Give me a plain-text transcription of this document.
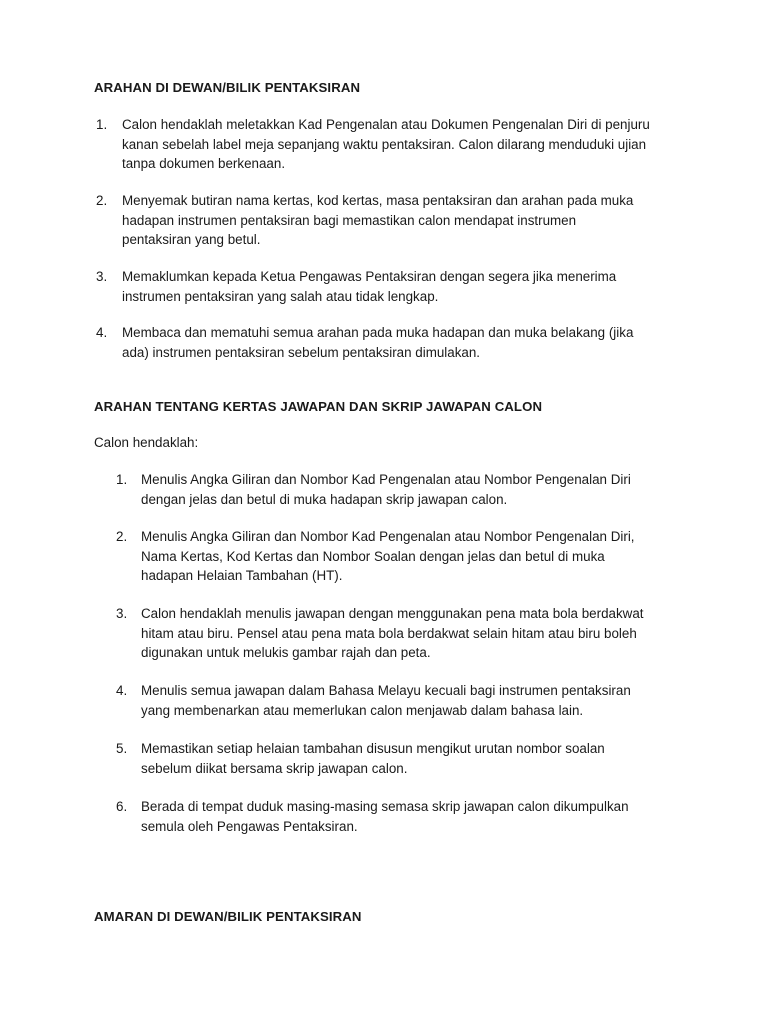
ARAHAN DI DEWAN/BILIK PENTAKSIRAN
1.	Calon hendaklah meletakkan Kad Pengenalan atau Dokumen Pengenalan Diri di penjuru
kanan sebelah label meja sepanjang waktu pentaksiran. Calon dilarang menduduki ujian
tanpa dokumen berkenaan.

2.	Menyemak butiran nama kertas, kod kertas, masa pentaksiran dan arahan pada muka
hadapan instrumen pentaksiran bagi memastikan calon mendapat instrumen
pentaksiran yang betul.

3.	Memaklumkan kepada Ketua Pengawas Pentaksiran dengan segera jika menerima
instrumen pentaksiran yang salah atau tidak lengkap.

4.	Membaca dan mematuhi semua arahan pada muka hadapan dan muka belakang (jika
ada) instrumen pentaksiran sebelum pentaksiran dimulakan.

ARAHAN TENTANG KERTAS JAWAPAN DAN SKRIP JAWAPAN CALON

Calon hendaklah:

1.	Menulis Angka Giliran dan Nombor Kad Pengenalan atau Nombor Pengenalan Diri
dengan jelas dan betul di muka hadapan skrip jawapan calon.

2.	Menulis Angka Giliran dan Nombor Kad Pengenalan atau Nombor Pengenalan Diri,
Nama Kertas, Kod Kertas dan Nombor Soalan dengan jelas dan betul di muka
hadapan Helaian Tambahan (HT).

3.	Calon hendaklah menulis jawapan dengan menggunakan pena mata bola berdakwat
hitam atau biru. Pensel atau pena mata bola berdakwat selain hitam atau biru boleh
digunakan untuk melukis gambar rajah dan peta.

4.	Menulis semua jawapan dalam Bahasa Melayu kecuali bagi instrumen pentaksiran
yang membenarkan atau memerlukan calon menjawab dalam bahasa lain.

5.	Memastikan setiap helaian tambahan disusun mengikut urutan nombor soalan
sebelum diikat bersama skrip jawapan calon.

6.	Berada di tempat duduk masing-masing semasa skrip jawapan calon dikumpulkan
semula oleh Pengawas Pentaksiran.

AMARAN DI DEWAN/BILIK PENTAKSIRAN
